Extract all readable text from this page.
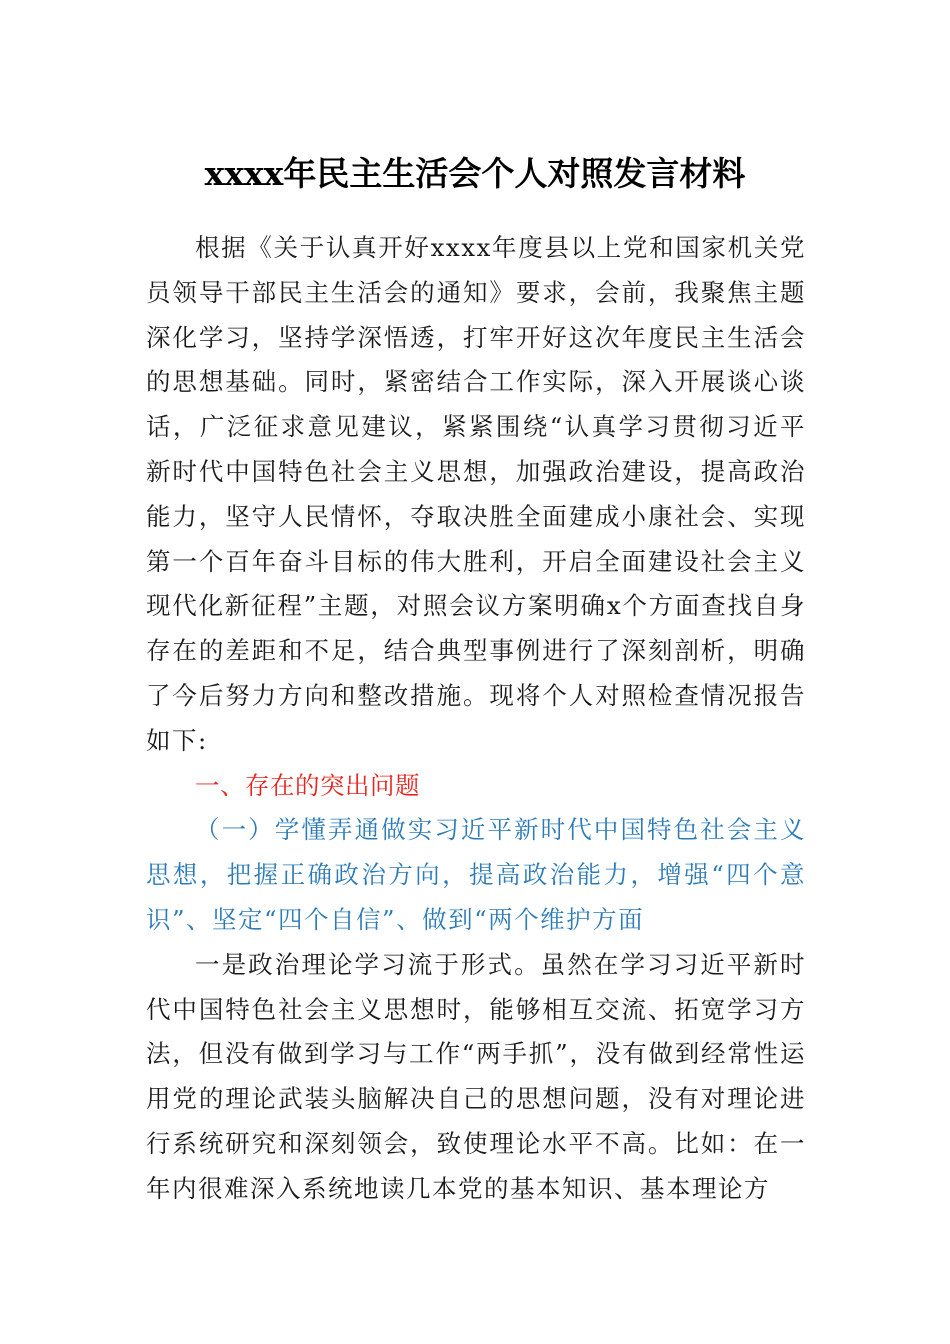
xxxx年民主生活会个人对照发言材料

根据《关于认真开好xxxx年度县以上党和国家机关党员领导干部民主生活会的通知》要求，会前，我聚焦主题深化学习，坚持学深悟透，打牢开好这次年度民主生活会的思想基础。同时，紧密结合工作实际，深入开展谈心谈话，广泛征求意见建议，紧紧围绕“认真学习贯彻习近平新时代中国特色社会主义思想，加强政治建设，提高政治能力，坚守人民情怀，夺取决胜全面建成小康社会、实现第一个百年奋斗目标的伟大胜利，开启全面建设社会主义现代化新征程”主题，对照会议方案明确x个方面查找自身存在的差距和不足，结合典型事例进行了深刻剖析，明确了今后努力方向和整改措施。现将个人对照检查情况报告如下:

一、存在的突出问题

（一）学懂弄通做实习近平新时代中国特色社会主义思想，把握正确政治方向，提高政治能力，增强“四个意识”、坚定“四个自信”、做到“两个维护方面

一是政治理论学习流于形式。虽然在学习习近平新时代中国特色社会主义思想时，能够相互交流、拓宽学习方法，但没有做到学习与工作“两手抓”，没有做到经常性运用党的理论武装头脑解决自己的思想问题，没有对理论进行系统研究和深刻领会，致使理论水平不高。比如：在一年内很难深入系统地读几本党的基本知识、基本理论方
